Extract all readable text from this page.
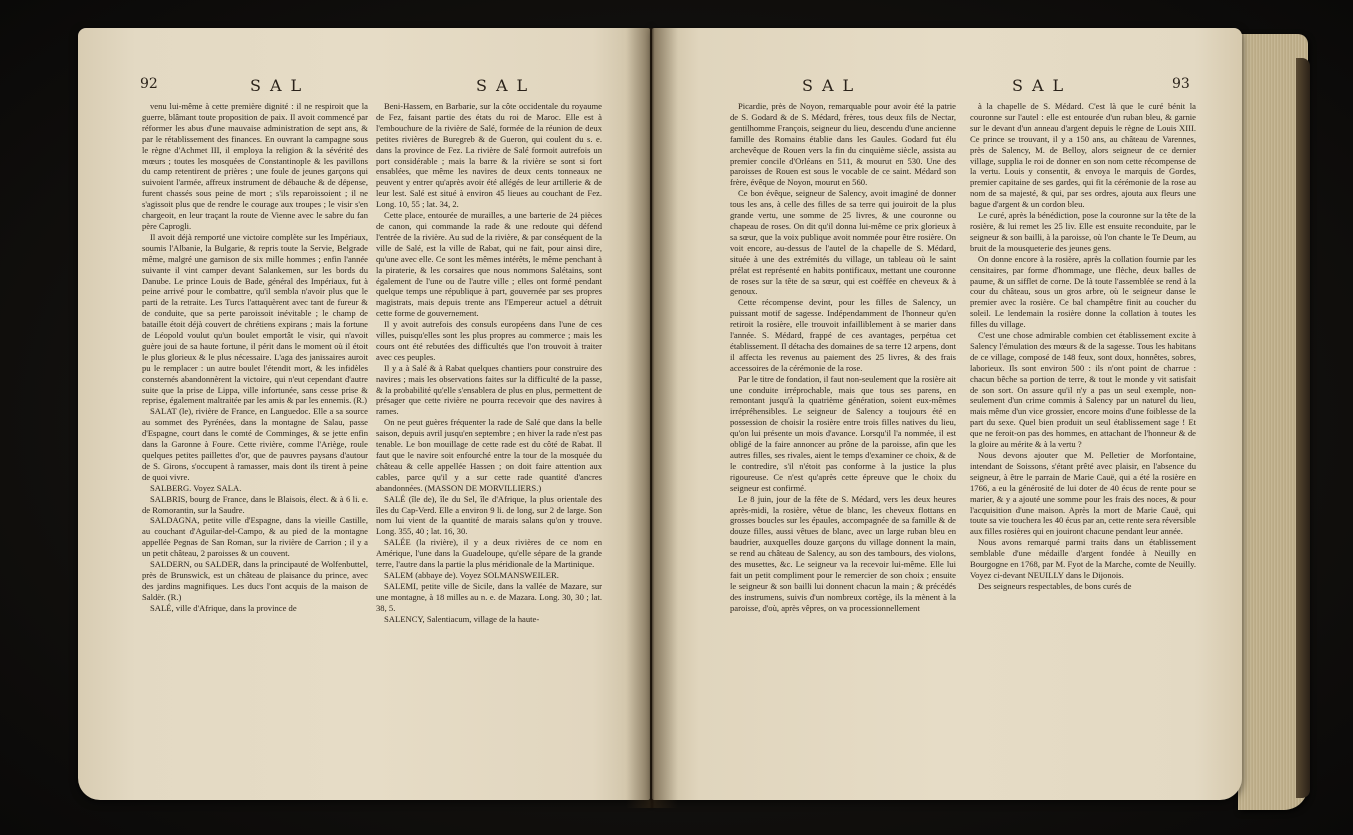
92	SAL	SAL

venu lui-même à cette première dignité : il ne respiroit que la guerre, blâmant toute proposition de paix. Il avoit commencé par réformer les abus d'une mauvaise administration de sept ans, & par le rétablissement des finances. En ouvrant la campagne sous le règne d'Achmet III, il employa la religion & la sévérité des mœurs ; toutes les mosquées de Constantinople & les pavillons du camp retentirent de prières ; une foule de jeunes garçons qui suivoient l'armée, affreux instrument de débauche & de dépense, furent chassés sous peine de mort ; s'ils reparoissoient ; il ne s'agissoit plus que de rendre le courage aux troupes ; le visir s'en chargeoit, en leur traçant la route de Vienne avec le sabre du fan père Caprogli.

Il avoit déjà remporté une victoire complète sur les Impériaux, soumis l'Albanie, la Bulgarie, & repris toute la Servie, Belgrade même, malgré une garnison de six mille hommes ; enfin l'année suivante il vint camper devant Salankemen, sur les bords du Danube. Le prince Louis de Bade, général des Impériaux, fut à peine arrivé pour le combattre, qu'il sembla n'avoir plus que le parti de la retraite. Les Turcs l'attaquèrent avec tant de fureur & de conduite, que sa perte paroissoit inévitable ; le champ de bataille étoit déjà couvert de chrétiens expirans ; mais la fortune de Léopold voulut qu'un boulet emportât le visir, qui n'avoit guère joui de sa haute fortune, il périt dans le moment où il étoit le plus glorieux & le plus nécessaire. L'aga des janissaires auroit pu le remplacer : un autre boulet l'étendit mort, & les infidèles consternés abandonnèrent la victoire, qui n'eut cependant d'autre suite que la prise de Lippa, ville infortunée, sans cesse prise & reprise, également maltraitée par les amis & par les ennemis. (R.)

SALAT (le), rivière de France, en Languedoc. Elle a sa source au sommet des Pyrénées, dans la montagne de Salau, passe d'Espagne, court dans le comté de Comminges, & se jette enfin dans la Garonne à Foure. Cette rivière, comme l'Ariège, roule quelques petites paillettes d'or, que de pauvres paysans d'autour de S. Girons, s'occupent à ramasser, mais dont ils tirent à peine de quoi vivre.

SALBERG. Voyez SALA.

SALBRIS, bourg de France, dans le Blaisois, élect. & à 6 li. e. de Romorantin, sur la Saudre.

SALDAGNA, petite ville d'Espagne, dans la vieille Castille, au couchant d'Aguilar-del-Campo, & au pied de la montagne appellée Pegnas de San Roman, sur la rivière de Carrion ; il y a un petit château, 2 paroisses & un couvent.

SALDERN, ou SALDER, dans la principauté de Wolfenbuttel, près de Brunswick, est un château de plaisance du prince, avec des jardins magnifiques. Les ducs l'ont acquis de la maison de Saldër. (R.)

SALÉ, ville d'Afrique, dans la province de

Beni-Hassem, en Barbarie, sur la côte occidentale du royaume de Fez, faisant partie des états du roi de Maroc. Elle est à l'embouchure de la rivière de Salé, formée de la réunion de deux petites rivières de Buregreb & de Gueron, qui coulent du s. e. dans la province de Fez. La rivière de Salé formoit autrefois un port considérable ; mais la barre & la rivière se sont si fort ensablées, que même les navires de deux cents tonneaux ne peuvent y entrer qu'après avoir été allégés de leur artillerie & de leur lest. Salé est situé à environ 45 lieues au couchant de Fez. Long. 10, 55 ; lat. 34, 2.

Cette place, entourée de murailles, a une barterie de 24 pièces de canon, qui commande la rade & une redoute qui défend l'entrée de la rivière. Au sud de la rivière, & par conséquent de la ville de Salé, est la ville de Rabat, qui ne fait, pour ainsi dire, qu'une avec elle. Ce sont les mêmes intérêts, le même penchant à la piraterie, & les corsaires que nous nommons Salétains, sont également de l'une ou de l'autre ville ; elles ont formé pendant quelque temps une république à part, gouvernée par ses propres magistrats, mais depuis trente ans l'Empereur actuel a détruit cette forme de gouvernement.

Il y avoit autrefois des consuls européens dans l'une de ces villes, puisqu'elles sont les plus propres au commerce ; mais les cours ont été rebutées des difficultés que l'on trouvoit à traiter avec ces peuples.

Il y a à Salé & à Rabat quelques chantiers pour construire des navires ; mais les observations faites sur la difficulté de la passe, & la probabilité qu'elle s'ensablera de plus en plus, permettent de présager que cette rivière ne pourra recevoir que des navires à rames.

On ne peut guères fréquenter la rade de Salé que dans la belle saison, depuis avril jusqu'en septembre ; en hiver la rade n'est pas tenable. Le bon mouillage de cette rade est du côté de Rabat. Il faut que le navire soit enfourché entre la tour de la mosquée du château & celle appellée Hassen ; on doit faire attention aux cables, parce qu'il y a sur cette rade quantité d'ancres abandonnées. (MASSON DE MORVILLIERS.)

SALÉ (île de), île du Sel, île d'Afrique, la plus orientale des îles du Cap-Verd. Elle a environ 9 li. de long, sur 2 de large. Son nom lui vient de la quantité de marais salans qu'on y trouve. Long. 355, 40 ; lat. 16, 30.

SALÉE (la rivière), il y a deux rivières de ce nom en Amérique, l'une dans la Guadeloupe, qu'elle sépare de la grande terre, l'autre dans la partie la plus méridionale de la Martinique.

SALEM (abbaye de). Voyez SOLMANSWEILER.

SALEMI, petite ville de Sicile, dans la vallée de Mazare, sur une montagne, à 18 milles au n. e. de Mazara. Long. 30, 30 ; lat. 38, 5.

SALENCY, Salentiacum, village de la haute-

SAL	SAL	93

Picardie, près de Noyon, remarquable pour avoir été la patrie de S. Godard & de S. Médard, frères, tous deux fils de Nectar, gentilhomme François, seigneur du lieu, descendu d'une ancienne famille des Romains établie dans les Gaules. Godard fut élu archevêque de Rouen vers la fin du cinquième siècle, assista au premier concile d'Orléans en 511, & mourut en 530. Une des paroisses de Rouen est sous le vocable de ce saint. Médard son frère, évêque de Noyon, mourut en 560.

Ce bon évêque, seigneur de Salency, avoit imaginé de donner tous les ans, à celle des filles de sa terre qui jouiroit de la plus grande vertu, une somme de 25 livres, & une couronne ou chapeau de roses. On dit qu'il donna lui-même ce prix glorieux à sa sœur, que la voix publique avoit nommée pour être rosière. On voit encore, au-dessus de l'autel de la chapelle de S. Médard, située à une des extrémités du village, un tableau où le saint prélat est représenté en habits pontificaux, mettant une couronne de roses sur la tête de sa sœur, qui est coëffée en cheveux & à genoux.

Cette récompense devint, pour les filles de Salency, un puissant motif de sagesse. Indépendamment de l'honneur qu'en retiroit la rosière, elle trouvoit infailliblement à se marier dans l'année. S. Médard, frappé de ces avantages, perpétua cet établissement. Il détacha des domaines de sa terre 12 arpens, dont il affecta les revenus au paiement des 25 livres, & des frais accessoires de la cérémonie de la rose.

Par le titre de fondation, il faut non-seulement que la rosière ait une conduite irréprochable, mais que tous ses parens, en remontant jusqu'à la quatrième génération, soient eux-mêmes irrépréhensibles. Le seigneur de Salency a toujours été en possession de choisir la rosière entre trois filles natives du lieu, qu'on lui présente un mois d'avance. Lorsqu'il l'a nommée, il est obligé de la faire annoncer au prône de la paroisse, afin que les autres filles, ses rivales, aient le temps d'examiner ce choix, & de le contredire, s'il n'étoit pas conforme à la justice la plus rigoureuse. Ce n'est qu'après cette épreuve que le choix du seigneur est confirmé.

Le 8 juin, jour de la fête de S. Médard, vers les deux heures après-midi, la rosière, vêtue de blanc, les cheveux flottans en grosses boucles sur les épaules, accompagnée de sa famille & de douze filles, aussi vêtues de blanc, avec un large ruban bleu en baudrier, auxquelles douze garçons du village donnent la main, se rend au château de Salency, au son des tambours, des violons, des musettes, &c. Le seigneur va la recevoir lui-même. Elle lui fait un petit compliment pour le remercier de son choix ; ensuite le seigneur & son bailli lui donnent chacun la main ; & précédés des instrumens, suivis d'un nombreux cortège, ils la mènent à la paroisse, d'où, après vêpres, on va processionnellement

à la chapelle de S. Médard. C'est là que le curé bénit la couronne sur l'autel : elle est entourée d'un ruban bleu, & garnie sur le devant d'un anneau d'argent depuis le règne de Louis XIII. Ce prince se trouvant, il y a 150 ans, au château de Varennes, près de Salency, M. de Belloy, alors seigneur de ce dernier village, supplia le roi de donner en son nom cette récompense de la vertu. Louis y consentit, & envoya le marquis de Gordes, premier capitaine de ses gardes, qui fit la cérémonie de la rose au nom de sa majesté, & qui, par ses ordres, ajouta aux fleurs une bague d'argent & un cordon bleu.

Le curé, après la bénédiction, pose la couronne sur la tête de la rosière, & lui remet les 25 liv. Elle est ensuite reconduite, par le seigneur & son bailli, à la paroisse, où l'on chante le Te Deum, au bruit de la mousqueterie des jeunes gens.

On donne encore à la rosière, après la collation fournie par les censitaires, par forme d'hommage, une flèche, deux balles de paume, & un sifflet de corne. De là toute l'assemblée se rend à la cour du château, sous un gros arbre, où le seigneur danse le premier avec la rosière. Ce bal champêtre finit au coucher du soleil. Le lendemain la rosière donne la collation à toutes les filles du village.

C'est une chose admirable combien cet établissement excite à Salency l'émulation des mœurs & de la sagesse. Tous les habitans de ce village, composé de 148 feux, sont doux, honnêtes, sobres, laborieux. Ils sont environ 500 : ils n'ont point de charrue : chacun bêche sa portion de terre, & tout le monde y vit satisfait de son sort. On assure qu'il n'y a pas un seul exemple, non-seulement d'un crime commis à Salency par un naturel du lieu, mais même d'un vice grossier, encore moins d'une foiblesse de la part du sexe. Quel bien produit un seul établissement sage ! Et que ne feroit-on pas des hommes, en attachant de l'honneur & de la gloire au mérite & à la vertu ?

Nous devons ajouter que M. Pelletier de Morfontaine, intendant de Soissons, s'étant prêté avec plaisir, en l'absence du seigneur, à être le parrain de Marie Cauë, qui a été la rosière en 1766, a eu la générosité de lui doter de 40 écus de rente pour se marier, & y a ajouté une somme pour les frais des noces, & pour l'acquisition d'une maison. Après la mort de Marie Cauë, qui toute sa vie touchera les 40 écus par an, cette rente sera réversible aux filles rosières qui en jouiront chacune pendant leur année.

Nous avons remarqué parmi traits dans un établissement semblable d'une médaille d'argent fondée à Neuilly en Bourgogne en 1768, par M. Fyot de la Marche, comte de Neuilly. Voyez ci-devant NEUILLY dans le Dijonois.

Des seigneurs respectables, de bons curés de
